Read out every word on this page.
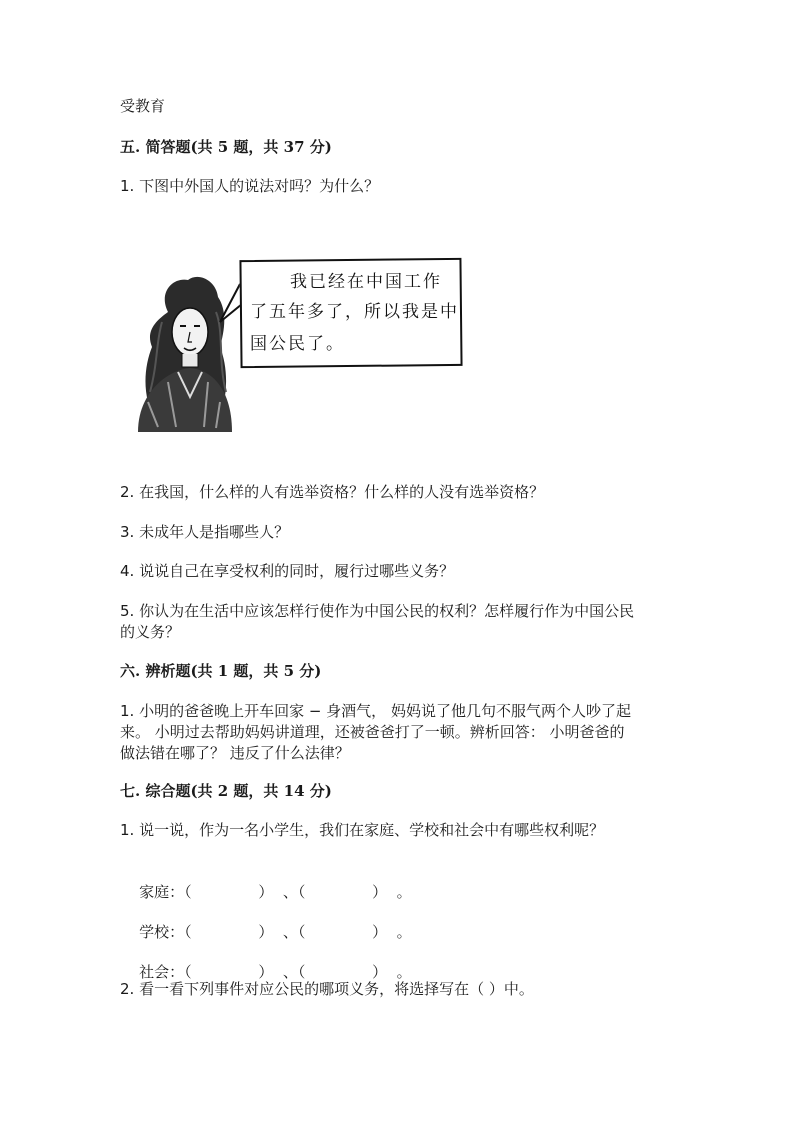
受教育
五. 简答题(共 5 题，共 37 分)
1. 下图中外国人的说法对吗？为什么？
我已经在中国工作
了五年多了，所以我是中
国公民了。
2. 在我国，什么样的人有选举资格？什么样的人没有选举资格？
3. 未成年人是指哪些人？
4. 说说自己在享受权利的同时，履行过哪些义务？
5. 你认为在生活中应该怎样行使作为中国公民的权利？怎样履行作为中国公民
的义务？
六. 辨析题(共 1 题，共 5 分)
1. 小明的爸爸晚上开车回家 − 身酒气， 妈妈说了他几句不服气两个人吵了起
来。 小明过去帮助妈妈讲道理，还被爸爸打了一顿。辨析回答： 小明爸爸的
做法错在哪了？ 违反了什么法律？
七. 综合题(共 2 题，共 14 分)
1. 说一说，作为一名小学生，我们在家庭、学校和社会中有哪些权利呢？

家庭：（              ）  、（              ）  。

学校：（              ）  、（              ）  。

社会：（              ）  、（              ）  。

2. 看一看下列事件对应公民的哪项义务，将选择写在（ ）中。
